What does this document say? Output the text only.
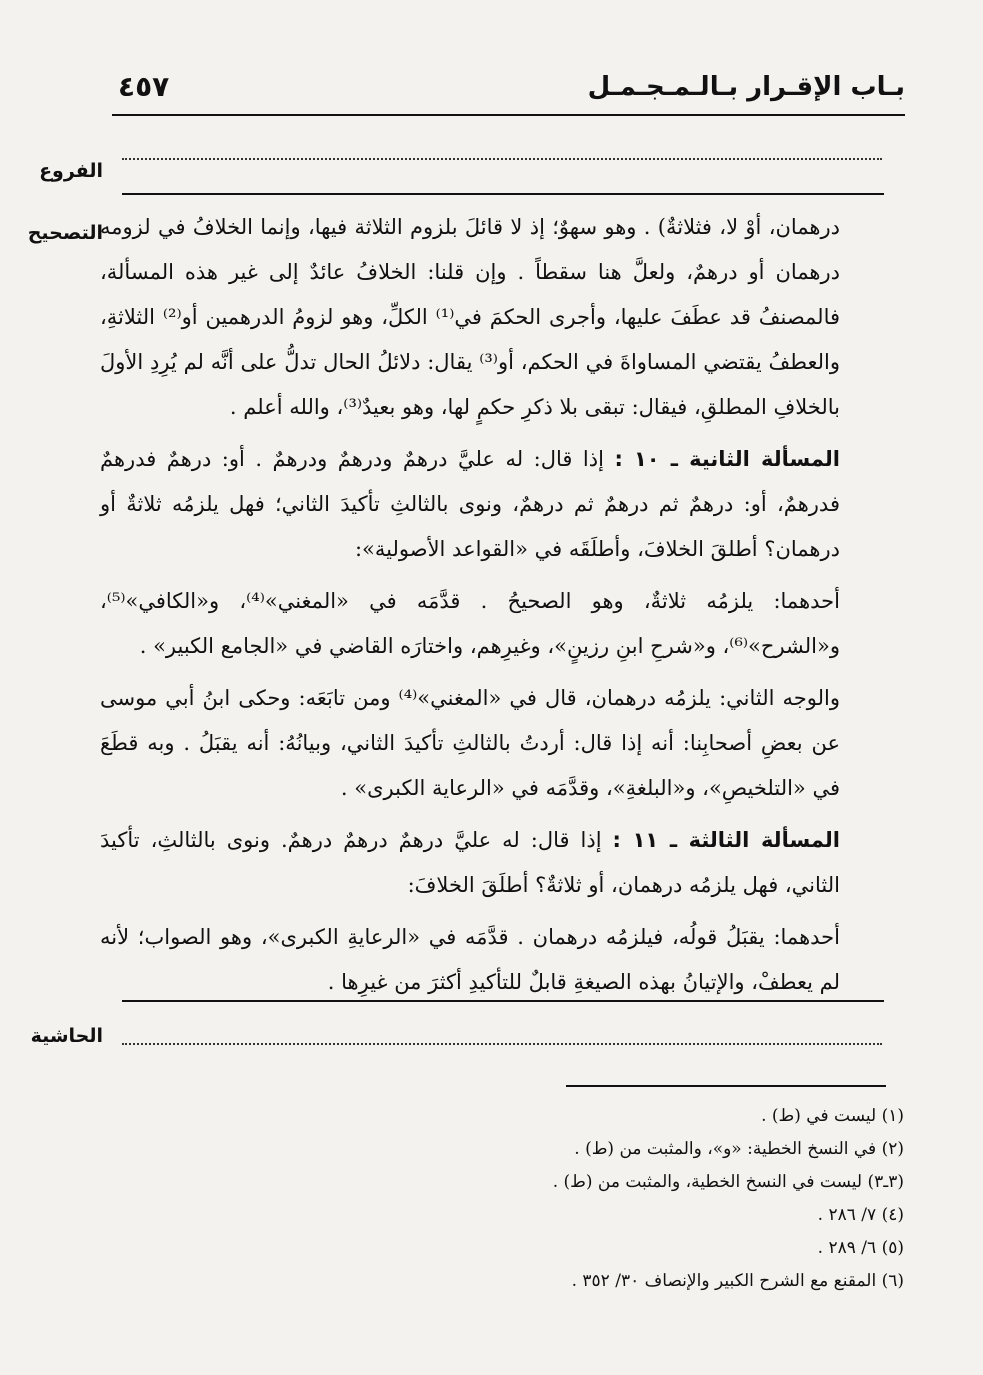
بـاب الإقـرار بـالـمـجـمـل
٤٥٧
الفروع
التصحيح

درهمان، أوْ لا، فثلاثةٌ) . وهو سهوٌ؛ إذ لا قائلَ بلزوم الثلاثة فيها، وإنما الخلافُ في لزومه درهمان أو درهمٌ، ولعلَّ هنا سقطاً . وإن قلنا: الخلافُ عائدٌ إلى غير هذه المسألة، فالمصنفُ قد عطَفَ عليها، وأجرى الحكمَ في⁽¹⁾ الكلِّ، وهو لزومُ الدرهمين أو⁽²⁾ الثلاثةِ، والعطفُ يقتضي المساواةَ في الحكم، أو⁽³⁾ يقال: دلائلُ الحال تدلُّ على أنَّه لم يُرِدِ الأولَ بالخلافِ المطلقِ، فيقال: تبقى بلا ذكرِ حكمٍ لها، وهو بعيدٌ⁽³⁾، والله أعلم .

المسألة الثانية ـ ١٠ : إذا قال: له عليَّ درهمٌ ودرهمٌ ودرهمٌ . أو: درهمٌ فدرهمٌ فدرهمٌ، أو: درهمٌ ثم درهمٌ ثم درهمٌ، ونوى بالثالثِ تأكيدَ الثاني؛ فهل يلزمُه ثلاثةٌ أو درهمان؟ أطلقَ الخلافَ، وأطلَقَه في «القواعد الأصولية»:

أحدهما: يلزمُه ثلاثةٌ، وهو الصحيحُ . قدَّمَه في «المغني»⁽⁴⁾، و«الكافي»⁽⁵⁾، و«الشرح»⁽⁶⁾، و«شرحِ ابنِ رزينٍ»، وغيرِهم، واختارَه القاضي في «الجامع الكبير» .

والوجه الثاني: يلزمُه درهمان، قال في «المغني»⁽⁴⁾ ومن تابَعَه: وحكى ابنُ أبي موسى عن بعضِ أصحابِنا: أنه إذا قال: أردتُ بالثالثِ تأكيدَ الثاني، وبيانُهُ: أنه يقبَلُ . وبه قطَعَ في «التلخيصِ»، و«البلغةِ»، وقدَّمَه في «الرعاية الكبرى» .

المسألة الثالثة ـ ١١ : إذا قال: له عليَّ درهمٌ درهمٌ درهمٌ. ونوى بالثالثِ، تأكيدَ الثاني، فهل يلزمُه درهمان، أو ثلاثةٌ؟ أطلَقَ الخلافَ:

أحدهما: يقبَلُ قولُه، فيلزمُه درهمان . قدَّمَه في «الرعايةِ الكبرى»، وهو الصواب؛ لأنه لم يعطفْ، والإتيانُ بهذه الصيغةِ قابلٌ للتأكيدِ أكثرَ من غيرِها .

الحاشية
(١) ليست في (ط) .
(٢) في النسخ الخطية: «و»، والمثبت من (ط) .
(٣ـ٣) ليست في النسخ الخطية، والمثبت من (ط) .
(٤) ٧/ ٢٨٦ .
(٥) ٦/ ٢٨٩ .
(٦) المقنع مع الشرح الكبير والإنصاف ٣٠/ ٣٥٢ .
